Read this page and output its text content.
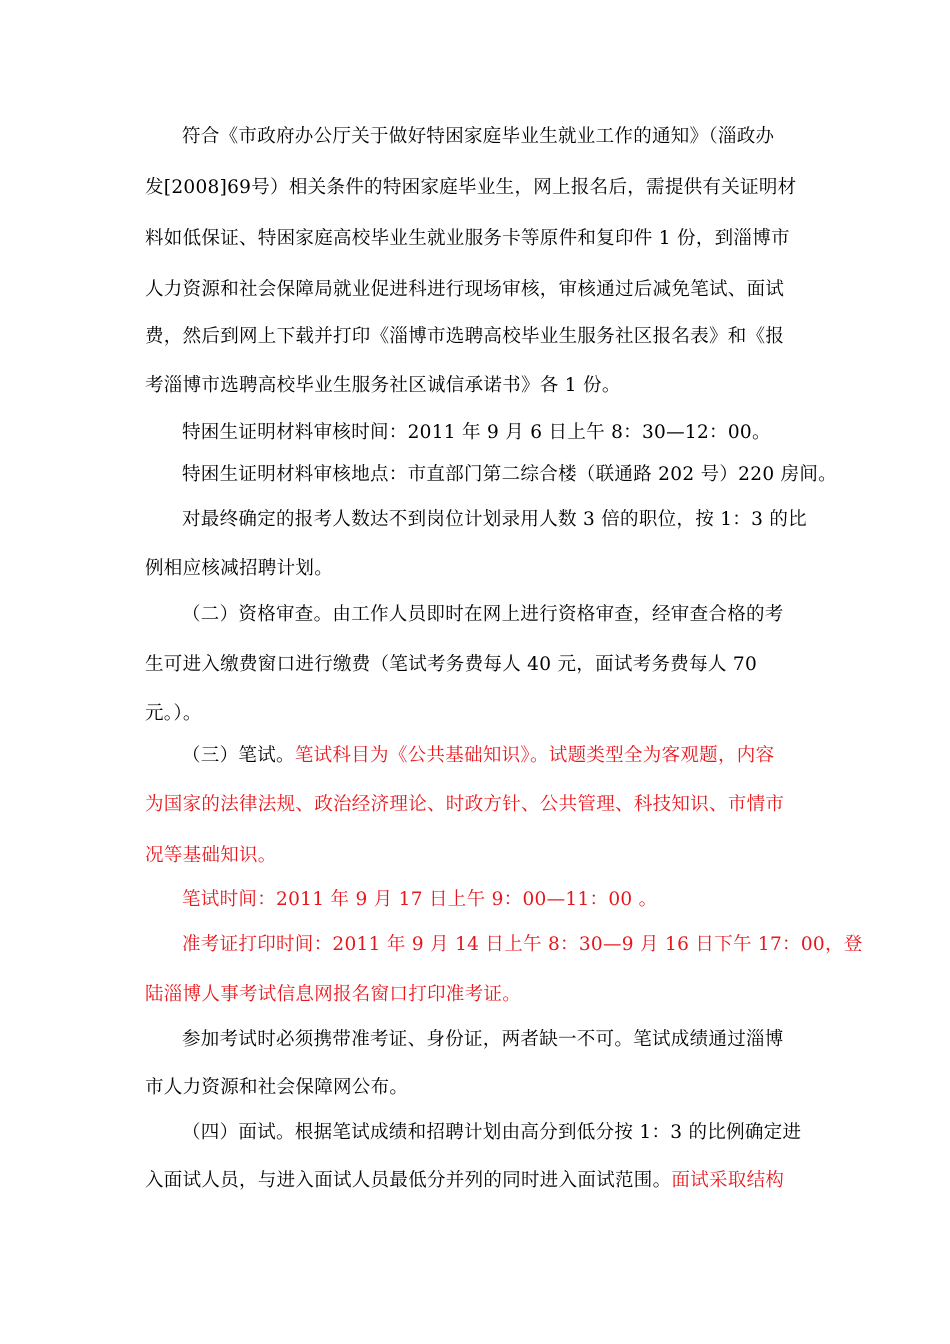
符合《市政府办公厅关于做好特困家庭毕业生就业工作的通知》（淄政办
发[2008]69号）相关条件的特困家庭毕业生，网上报名后，需提供有关证明材
料如低保证、特困家庭高校毕业生就业服务卡等原件和复印件 1 份，到淄博市
人力资源和社会保障局就业促进科进行现场审核，审核通过后减免笔试、面试
费，然后到网上下载并打印《淄博市选聘高校毕业生服务社区报名表》和《报
考淄博市选聘高校毕业生服务社区诚信承诺书》各 1 份。
特困生证明材料审核时间：2011 年 9 月 6 日上午 8：30—12：00。
特困生证明材料审核地点：市直部门第二综合楼（联通路 202 号）220 房间。
对最终确定的报考人数达不到岗位计划录用人数 3 倍的职位，按 1：3 的比
例相应核减招聘计划。
（二）资格审查。由工作人员即时在网上进行资格审查，经审查合格的考
生可进入缴费窗口进行缴费（笔试考务费每人 40 元，面试考务费每人 70
元。）。
（三）笔试。笔试科目为《公共基础知识》。试题类型全为客观题，内容
为国家的法律法规、政治经济理论、时政方针、公共管理、科技知识、市情市
况等基础知识。
笔试时间：2011 年 9 月 17 日上午 9：00—11：00 。
准考证打印时间：2011 年 9 月 14 日上午 8：30—9 月 16 日下午 17：00，登
陆淄博人事考试信息网报名窗口打印准考证。
参加考试时必须携带准考证、身份证，两者缺一不可。笔试成绩通过淄博
市人力资源和社会保障网公布。
（四）面试。根据笔试成绩和招聘计划由高分到低分按 1：3 的比例确定进
入面试人员，与进入面试人员最低分并列的同时进入面试范围。面试采取结构
